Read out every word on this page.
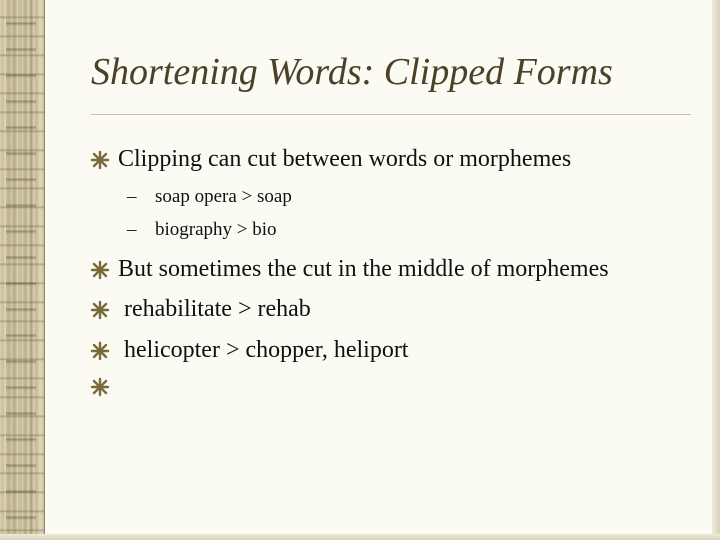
Shortening Words: Clipped Forms
Clipping can cut between words or morphemes
– soap opera > soap
– biography > bio
But sometimes the cut in the middle of morphemes
rehabilitate > rehab
helicopter > chopper, heliport
